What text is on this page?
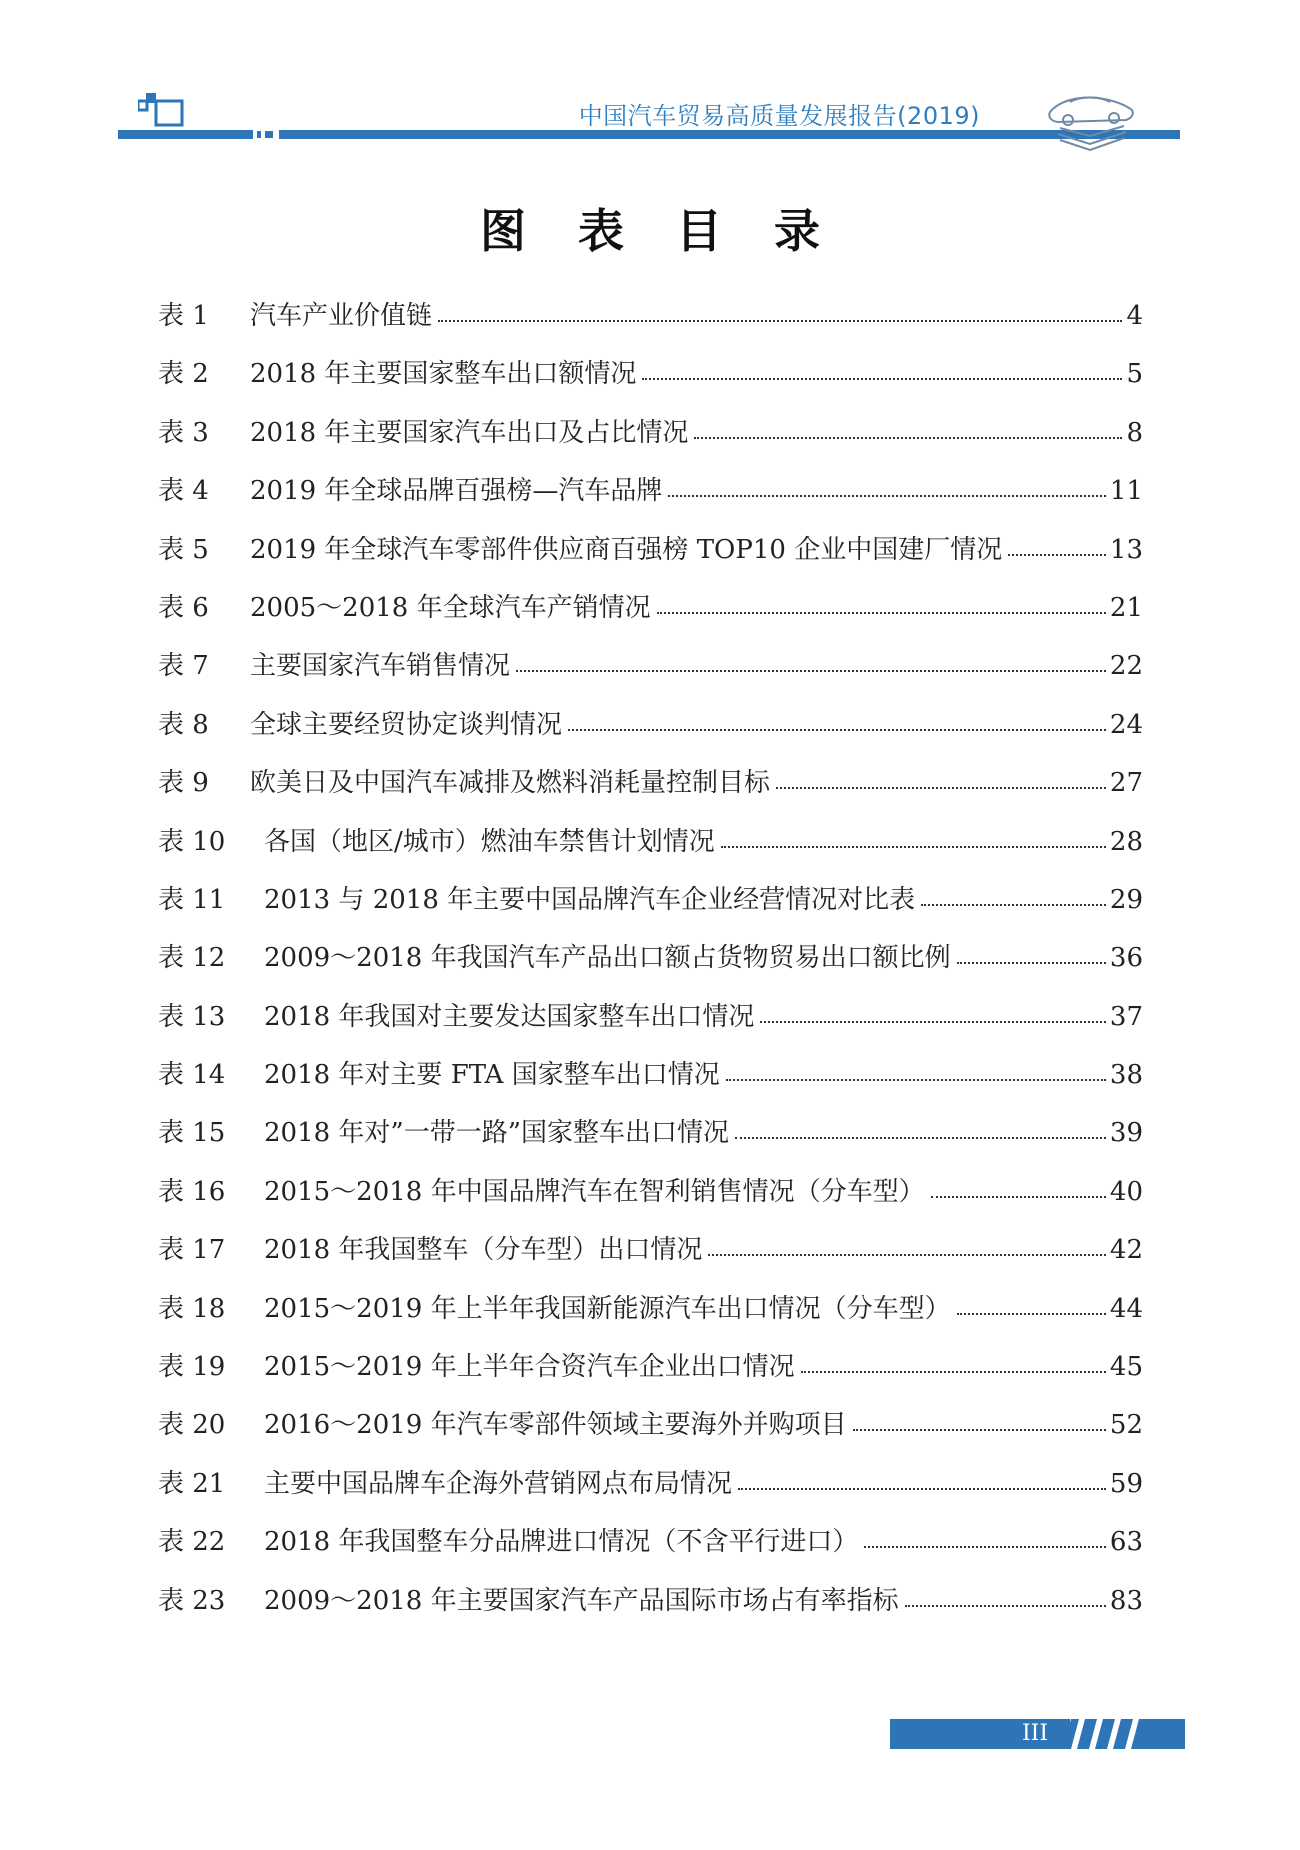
中国汽车贸易高质量发展报告(2019)
图 表 目 录
表 1	汽车产业价值链	4
表 2	2018 年主要国家整车出口额情况	5
表 3	2018 年主要国家汽车出口及占比情况	8
表 4	2019 年全球品牌百强榜—汽车品牌	11
表 5	2019 年全球汽车零部件供应商百强榜 TOP10 企业中国建厂情况	13
表 6	2005～2018 年全球汽车产销情况	21
表 7	主要国家汽车销售情况	22
表 8	全球主要经贸协定谈判情况	24
表 9	欧美日及中国汽车减排及燃料消耗量控制目标	27
表 10	各国（地区/城市）燃油车禁售计划情况	28
表 11	2013 与 2018 年主要中国品牌汽车企业经营情况对比表	29
表 12	2009～2018 年我国汽车产品出口额占货物贸易出口额比例	36
表 13	2018 年我国对主要发达国家整车出口情况	37
表 14	2018 年对主要 FTA 国家整车出口情况	38
表 15	2018 年对”一带一路”国家整车出口情况	39
表 16	2015～2018 年中国品牌汽车在智利销售情况（分车型）	40
表 17	2018 年我国整车（分车型）出口情况	42
表 18	2015～2019 年上半年我国新能源汽车出口情况（分车型）	44
表 19	2015～2019 年上半年合资汽车企业出口情况	45
表 20	2016～2019 年汽车零部件领域主要海外并购项目	52
表 21	主要中国品牌车企海外营销网点布局情况	59
表 22	2018 年我国整车分品牌进口情况（不含平行进口）	63
表 23	2009～2018 年主要国家汽车产品国际市场占有率指标	83
III
